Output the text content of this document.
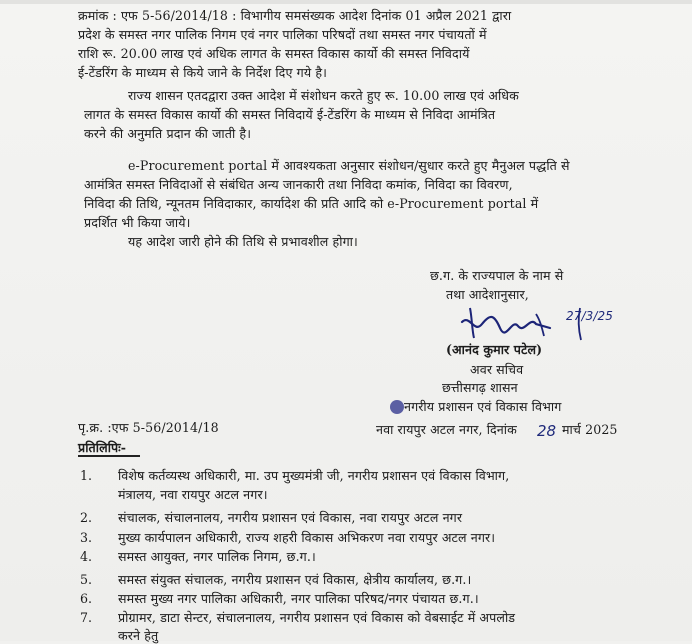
क्रमांक : एफ 5-56/2014/18 : विभागीय समसंख्यक आदेश दिनांक 01 अप्रैल 2021 द्वारा
प्रदेश के समस्त नगर पालिक निगम एवं नगर पालिका परिषदों तथा समस्त नगर पंचायतों में
राशि रू. 20.00 लाख एवं अधिक लागत के समस्त विकास कार्यो की समस्त निविदायें
ई-टेंडरिंग के माध्यम से किये जाने के निर्देश दिए गये है।
राज्य शासन एतदद्वारा उक्त आदेश में संशोधन करते हुए रू. 10.00 लाख एवं अधिक
लागत के समस्त विकास कार्यो की समस्त निविदायें ई-टेंडरिंग के माध्यम से निविदा आमंत्रित
करने की अनुमति प्रदान की जाती है।
e-Procurement portal में आवश्यकता अनुसार संशोधन/सुधार करते हुए मैनुअल पद्धति से
आमंत्रित समस्त निविदाओं से संबंधित अन्य जानकारी तथा निविदा कमांक, निविदा का विवरण,
निविदा की तिथि, न्यूनतम निविदाकार, कार्यादेश की प्रति आदि को e-Procurement portal में
प्रदर्शित भी किया जाये।
यह आदेश जारी होने की तिथि से प्रभावशील होगा।
छ.ग. के राज्यपाल के नाम से
तथा आदेशानुसार,
27/3/25
(आनंद कुमार पटेल)
अवर सचिव
छत्तीसगढ़ शासन
नगरीय प्रशासन एवं विकास विभाग
पृ.क्र. :एफ 5-56/2014/18	नवा रायपुर अटल नगर, दिनांक 28 मार्च 2025
प्रतिलिपिः-
1. विशेष कर्तव्यस्थ अधिकारी, मा. उप मुख्यमंत्री जी, नगरीय प्रशासन एवं विकास विभाग,
मंत्रालय, नवा रायपुर अटल नगर।
2. संचालक, संचालनालय, नगरीय प्रशासन एवं विकास, नवा रायपुर अटल नगर
3. मुख्य कार्यपालन अधिकारी, राज्य शहरी विकास अभिकरण नवा रायपुर अटल नगर।
4. समस्त आयुक्त, नगर पालिक निगम, छ.ग.।
5. समस्त संयुक्त संचालक, नगरीय प्रशासन एवं विकास, क्षेत्रीय कार्यालय, छ.ग.।
6. समस्त मुख्य नगर पालिका अधिकारी, नगर पालिका परिषद/नगर पंचायत छ.ग.।
7. प्रोग्रामर, डाटा सेन्टर, संचालनालय, नगरीय प्रशासन एवं विकास को वेबसाईट में अपलोड
करने हेतु
